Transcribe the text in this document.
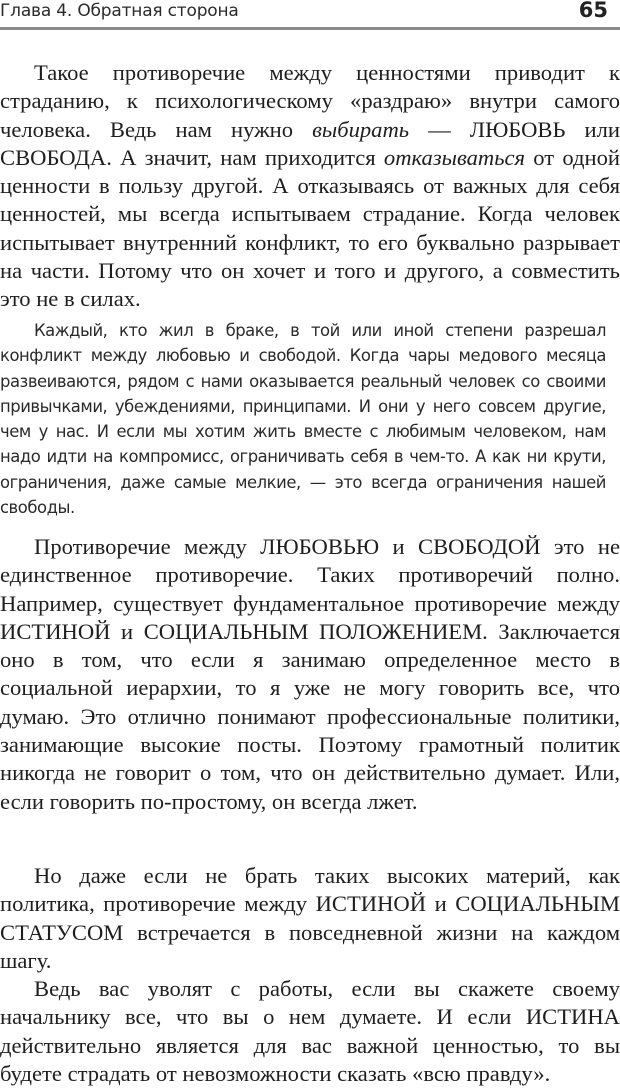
Глава 4. Обратная сторона	65

Такое противоречие между ценностями приводит к страданию, к психологическому «раздраю» внутри самого человека. Ведь нам нужно выбирать — ЛЮБОВЬ или СВОБОДА. А значит, нам приходится отказываться от одной ценности в пользу другой. А отказываясь от важных для себя ценностей, мы всегда испытываем страдание. Когда человек испытывает внутренний конфликт, то его буквально разрывает на части. Потому что он хочет и того и другого, а совместить это не в силах.

Каждый, кто жил в браке, в той или иной степени разрешал конфликт между любовью и свободой. Когда чары медового месяца развеиваются, рядом с нами оказывается реальный человек со своими привычками, убеждениями, принципами. И они у него совсем другие, чем у нас. И если мы хотим жить вместе с любимым человеком, нам надо идти на компромисс, ограничивать себя в чем-то. А как ни крути, ограничения, даже самые мелкие, — это всегда ограничения нашей свободы.

Противоречие между ЛЮБОВЬЮ и СВОБОДОЙ это не единственное противоречие. Таких противоречий полно. Например, существует фундаментальное противоречие между ИСТИНОЙ и СОЦИАЛЬНЫМ ПОЛОЖЕНИЕМ. Заключается оно в том, что если я занимаю определенное место в социальной иерархии, то я уже не могу говорить все, что думаю. Это отлично понимают профессиональные политики, занимающие высокие посты. Поэтому грамотный политик никогда не говорит о том, что он действительно думает. Или, если говорить по-простому, он всегда лжет.

Но даже если не брать таких высоких материй, как политика, противоречие между ИСТИНОЙ и СОЦИАЛЬНЫМ СТАТУСОМ встречается в повседневной жизни на каждом шагу.

Ведь вас уволят с работы, если вы скажете своему начальнику все, что вы о нем думаете. И если ИСТИНА действительно является для вас важной ценностью, то вы будете страдать от невозможности сказать «всю правду».
